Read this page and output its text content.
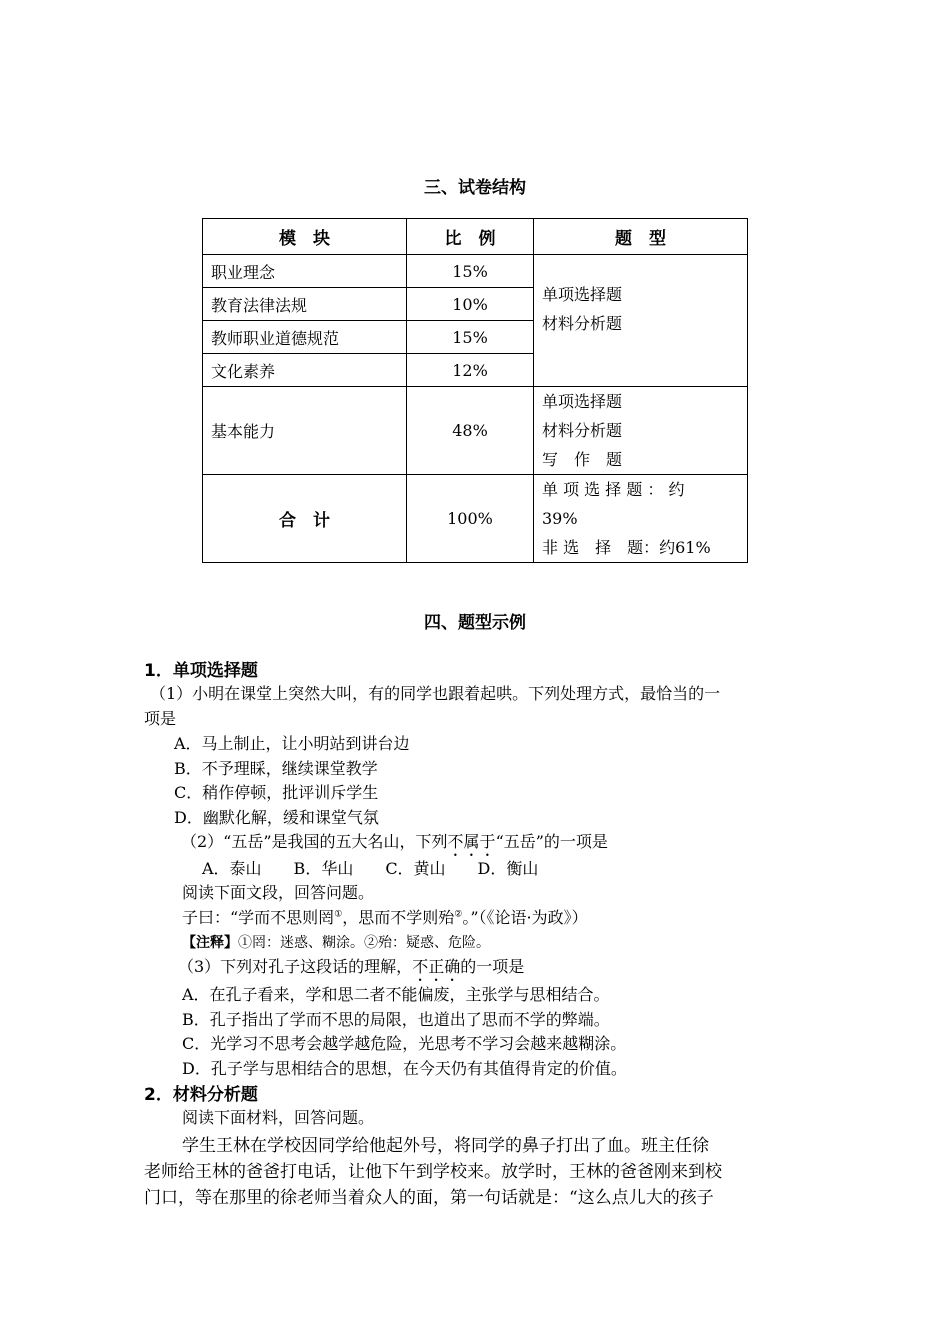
三、试卷结构
模　块	比　例	题　型
职业理念	15%	单项选择题
材料分析题

教育法律法规	10%	
教师职业道德规范	15%	
文化素养	12%	
基本能力	48%	单项选择题
材料分析题
写　作　题

合　计	100%	单 项 选 择 题 ： 约
39%
非 选　择　题：约61%
四、题型示例
1．单项选择题
（1）小明在课堂上突然大叫，有的同学也跟着起哄。下列处理方式，最恰当的一
项是
A．马上制止，让小明站到讲台边
B．不予理睬，继续课堂教学
C．稍作停顿，批评训斥学生
D．幽默化解，缓和课堂气氛
（2）“五岳”是我国的五大名山，下列不属于“五岳”的一项是
A．泰山　　B．华山　　C．黄山　　D．衡山
阅读下面文段，回答问题。
子曰：“学而不思则罔①，思而不学则殆②。”（《论语·为政》）
【注释】①罔：迷惑、糊涂。②殆：疑惑、危险。
（3）下列对孔子这段话的理解，不正确的一项是
A．在孔子看来，学和思二者不能偏废，主张学与思相结合。
B．孔子指出了学而不思的局限，也道出了思而不学的弊端。
C．光学习不思考会越学越危险，光思考不学习会越来越糊涂。
D．孔子学与思相结合的思想，在今天仍有其值得肯定的价值。
2．材料分析题
阅读下面材料，回答问题。
学生王林在学校因同学给他起外号，将同学的鼻子打出了血。班主任徐
老师给王林的爸爸打电话，让他下午到学校来。放学时，王林的爸爸刚来到校
门口，等在那里的徐老师当着众人的面，第一句话就是：“这么点儿大的孩子
